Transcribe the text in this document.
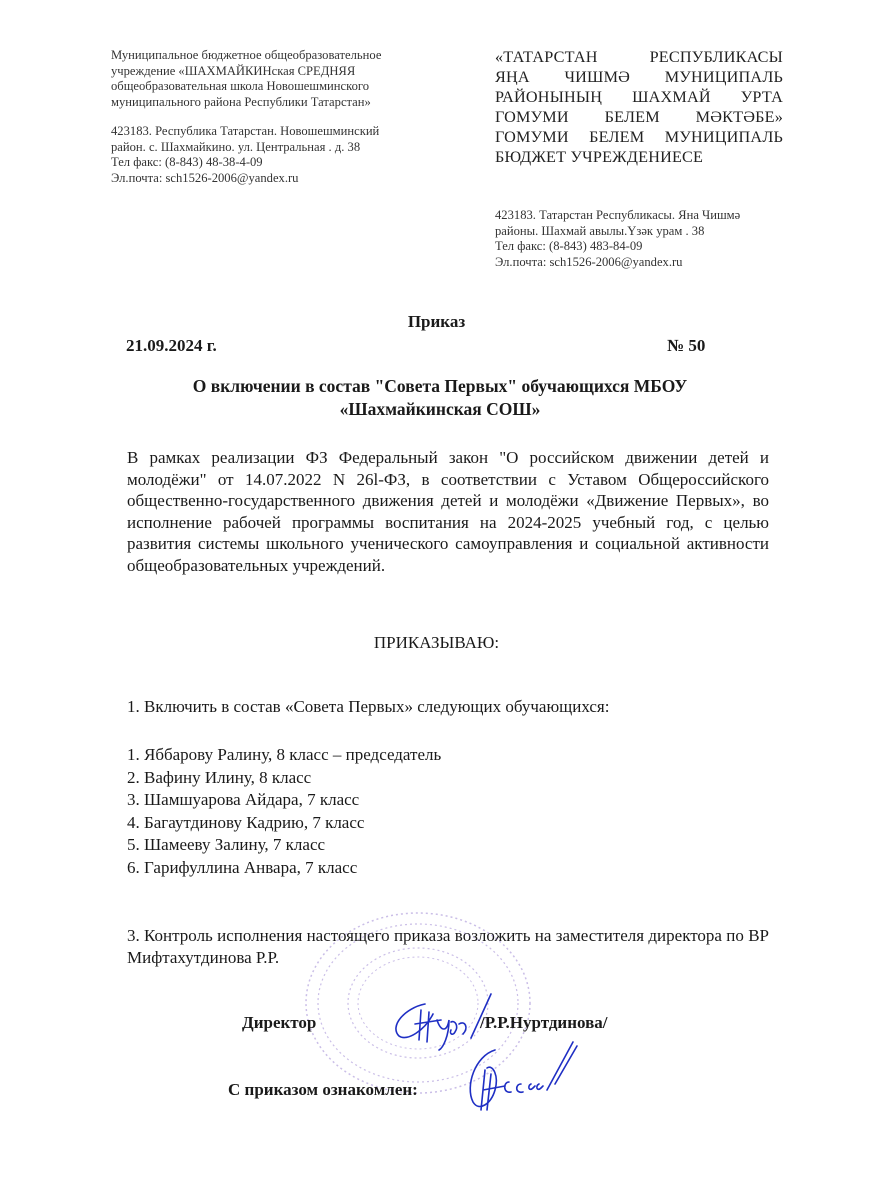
Муниципальное бюджетное общеобразовательное
учреждение «ШАХМАЙКИНская СРЕДНЯЯ
общеобразовательная школа Новошешминского
муниципального района Республики Татарстан»
423183. Республика Татарстан. Новошешминский
район. с. Шахмайкино. ул. Центральная . д. 38
Тел факс: (8-843) 48-38-4-09
Эл.почта: sch1526-2006@yandex.ru
«ТАТАРСТАН РЕСПУБЛИКАСЫ
ЯҢА ЧИШМӘ МУНИЦИПАЛЬ
РАЙОНЫНЫҢ ШАХМАЙ УРТА
ГОМУМИ БЕЛЕМ МӘКТӘБЕ»
ГОМУМИ БЕЛЕМ МУНИЦИПАЛЬ
БЮДЖЕТ УЧРЕЖДЕНИЕСЕ
423183. Татарстан Республикасы. Яна Чишмә
районы. Шахмай авылы.Үзәк урам . 38
Тел факс: (8-843) 483-84-09
Эл.почта: sch1526-2006@yandex.ru
Приказ
21.09.2024 г.	№ 50
О включении в состав "Совета Первых" обучающихся МБОУ
«Шахмайкинская СОШ»
В рамках реализации ФЗ Федеральный закон "О российском движении детей и молодёжи" от 14.07.2022 N 26l-ФЗ, в соответствии с Уставом Общероссийского общественно-государственного движения детей и молодёжи «Движение Первых», во исполнение рабочей программы воспитания на 2024-2025 учебный год, с целью развития системы школьного ученического самоуправления и социальной активности общеобразовательных учреждений.
ПРИКАЗЫВАЮ:
1. Включить в состав «Совета Первых» следующих обучающихся:
1. Яббарову Ралину, 8 класс – председатель
2. Вафину Илину, 8 класс
3. Шамшуарова Айдара, 7 класс
4. Багаутдинову Кадрию, 7 класс
5. Шамееву Залину, 7 класс
6. Гарифуллина Анвара, 7 класс
3. Контроль исполнения настоящего приказа возложить на заместителя директора по ВР Мифтахутдинова Р.Р.
Директор	/Р.Р.Нуртдинова/
С приказом ознакомлен:
